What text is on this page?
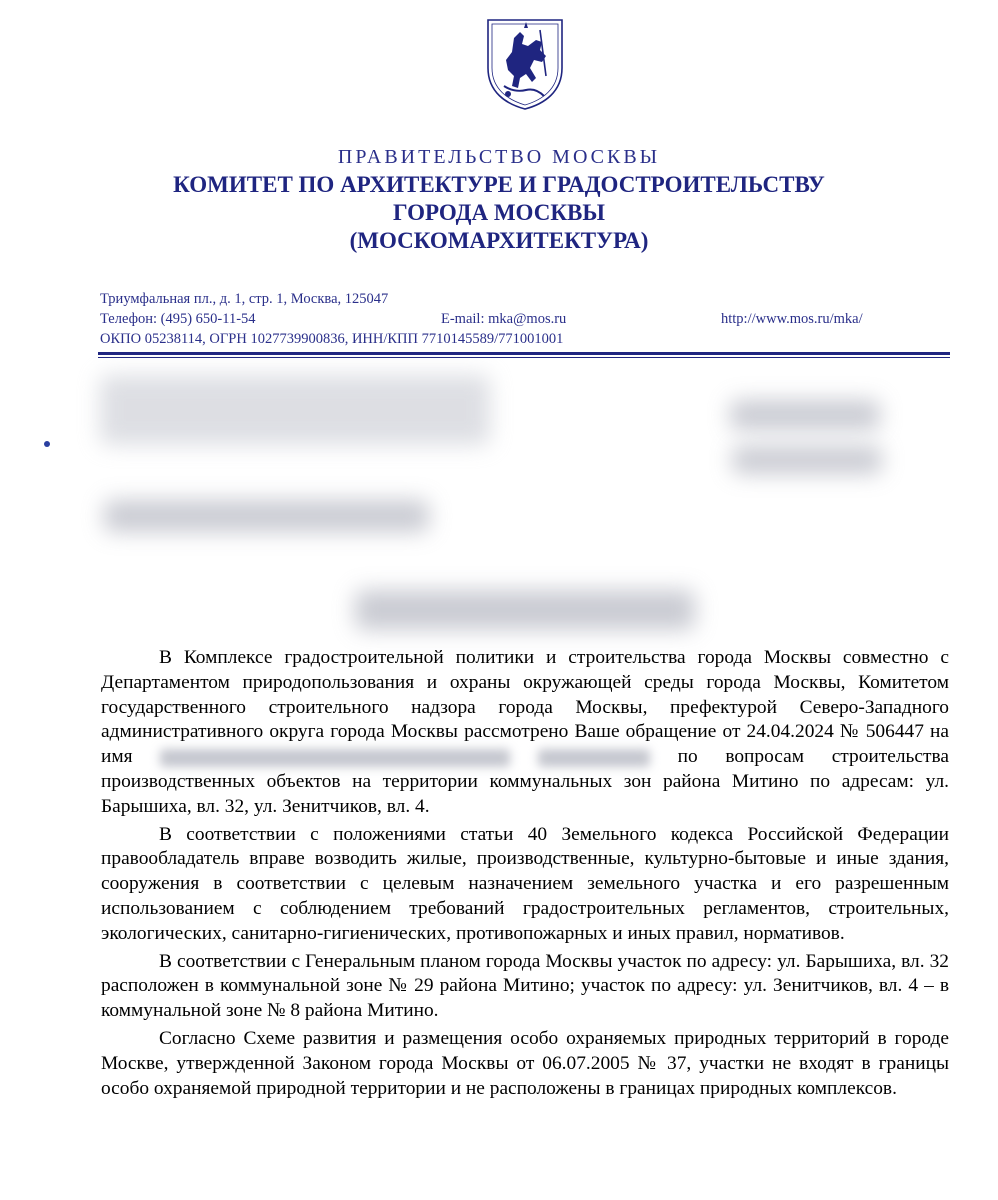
ПРАВИТЕЛЬСТВО МОСКВЫ
КОМИТЕТ ПО АРХИТЕКТУРЕ И ГРАДОСТРОИТЕЛЬСТВУ
ГОРОДА МОСКВЫ
(МОСКОМАРХИТЕКТУРА)
Триумфальная пл., д. 1, стр. 1, Москва, 125047
Телефон: (495) 650-11-54	E-mail: mka@mos.ru	http://www.mos.ru/mka/
ОКПО 05238114, ОГРН 1027739900836, ИНН/КПП 7710145589/771001001

В Комплексе градостроительной политики и строительства города Москвы совместно с Департаментом природопользования и охраны окружающей среды города Москвы, Комитетом государственного строительного надзора города Москвы, префектурой Северо-Западного административного округа города Москвы рассмотрено Ваше обращение от 24.04.2024 № 506447 на имя	по вопросам строительства производственных объектов на территории коммунальных зон района Митино по адресам: ул. Барышиха, вл. 32, ул. Зенитчиков, вл. 4.

В соответствии с положениями статьи 40 Земельного кодекса Российской Федерации правообладатель вправе возводить жилые, производственные, культурно-бытовые и иные здания, сооружения в соответствии с целевым назначением земельного участка и его разрешенным использованием с соблюдением требований градостроительных регламентов, строительных, экологических, санитарно-гигиенических, противопожарных и иных правил, нормативов.

В соответствии с Генеральным планом города Москвы участок по адресу: ул. Барышиха, вл. 32 расположен в коммунальной зоне № 29 района Митино; участок по адресу: ул. Зенитчиков, вл. 4 – в коммунальной зоне № 8 района Митино.

Согласно Схеме развития и размещения особо охраняемых природных территорий в городе Москве, утвержденной Законом города Москвы от 06.07.2005 № 37, участки не входят в границы особо охраняемой природной территории и не расположены в границах природных комплексов.
